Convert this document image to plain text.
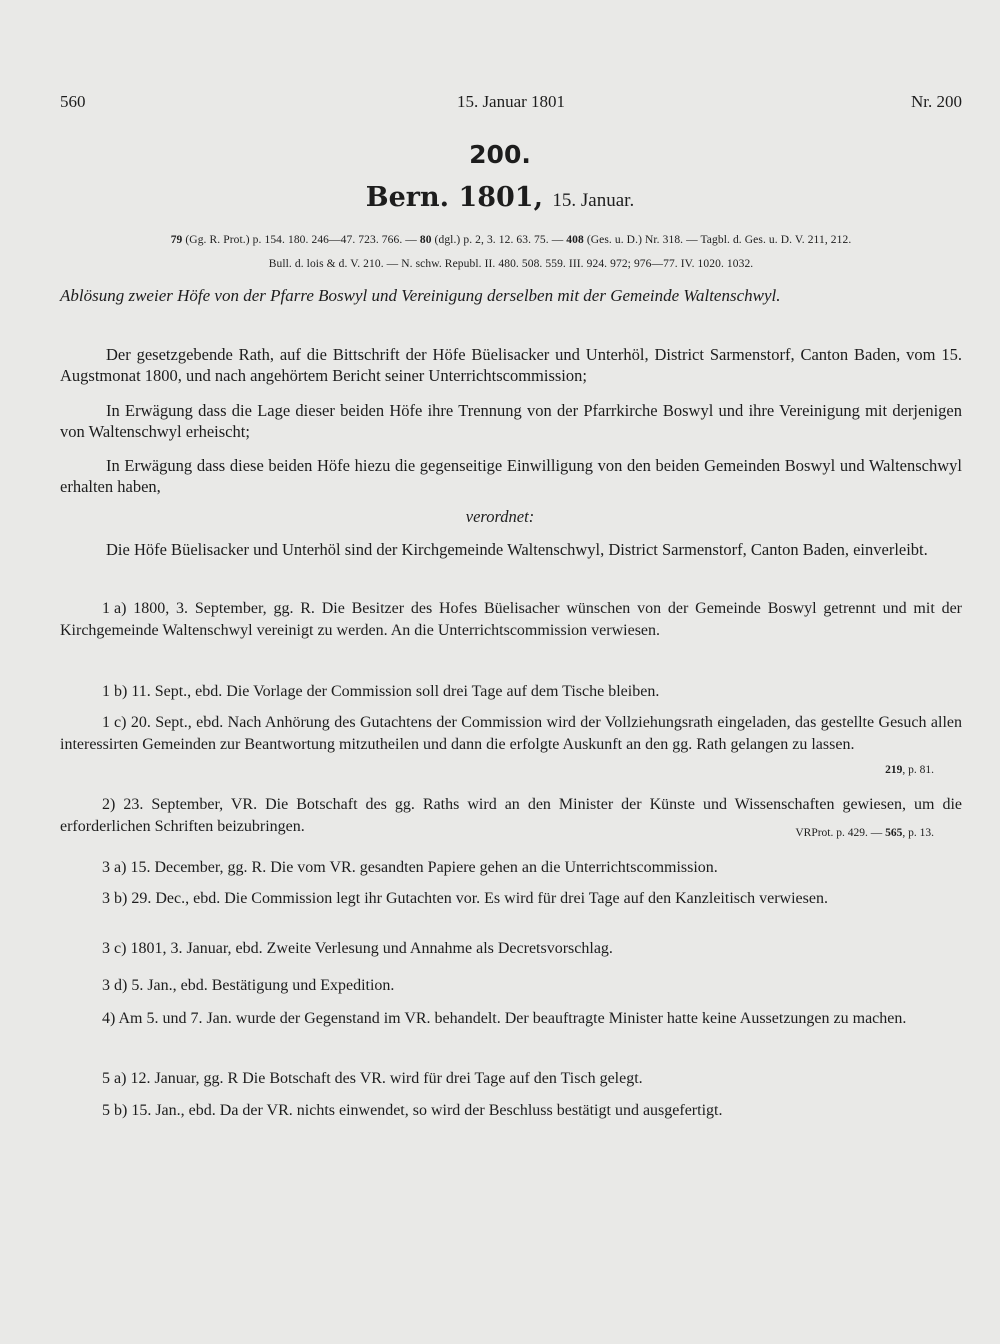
560	15. Januar 1801	Nr. 200
200.
Bern. 1801, 15. Januar.
79 (Gg. R. Prot.) p. 154. 180. 246—47. 723. 766. — 80 (dgl.) p. 2, 3. 12. 63. 75. — 408 (Ges. u. D.) Nr. 318. — Tagbl. d. Ges. u. D. V. 211, 212.
Bull. d. lois & d. V. 210. — N. schw. Republ. II. 480. 508. 559. III. 924. 972; 976—77. IV. 1020. 1032.
Ablösung zweier Höfe von der Pfarre Boswyl und Vereinigung derselben mit der Gemeinde Waltenschwyl.
Der gesetzgebende Rath, auf die Bittschrift der Höfe Büelisacker und Unterhöl, District Sarmenstorf, Canton Baden, vom 15. Augstmonat 1800, und nach angehörtem Bericht seiner Unterrichtscommission;
In Erwägung dass die Lage dieser beiden Höfe ihre Trennung von der Pfarrkirche Boswyl und ihre Vereinigung mit derjenigen von Waltenschwyl erheischt;
In Erwägung dass diese beiden Höfe hiezu die gegenseitige Einwilligung von den beiden Gemeinden Boswyl und Waltenschwyl erhalten haben,
verordnet:
Die Höfe Büelisacker und Unterhöl sind der Kirchgemeinde Waltenschwyl, District Sarmenstorf, Canton Baden, einverleibt.
1 a) 1800, 3. September, gg. R. Die Besitzer des Hofes Büelisacher wünschen von der Gemeinde Boswyl getrennt und mit der Kirchgemeinde Waltenschwyl vereinigt zu werden. An die Unterrichtscommission verwiesen.
1 b) 11. Sept., ebd. Die Vorlage der Commission soll drei Tage auf dem Tische bleiben.
1 c) 20. Sept., ebd. Nach Anhörung des Gutachtens der Commission wird der Vollziehungsrath eingeladen, das gestellte Gesuch allen interessirten Gemeinden zur Beantwortung mitzutheilen und dann die erfolgte Auskunft an den gg. Rath gelangen zu lassen.
219, p. 81.
2) 23. September, VR. Die Botschaft des gg. Raths wird an den Minister der Künste und Wissenschaften gewiesen, um die erforderlichen Schriften beizubringen.	VRProt. p. 429. — 565, p. 13.
3 a) 15. December, gg. R. Die vom VR. gesandten Papiere gehen an die Unterrichtscommission.
3 b) 29. Dec., ebd. Die Commission legt ihr Gutachten vor. Es wird für drei Tage auf den Kanzleitisch verwiesen.
3 c) 1801, 3. Januar, ebd. Zweite Verlesung und Annahme als Decretsvorschlag.
3 d) 5. Jan., ebd. Bestätigung und Expedition.
4) Am 5. und 7. Jan. wurde der Gegenstand im VR. behandelt. Der beauftragte Minister hatte keine Aussetzungen zu machen.
5 a) 12. Januar, gg. R Die Botschaft des VR. wird für drei Tage auf den Tisch gelegt.
5 b) 15. Jan., ebd. Da der VR. nichts einwendet, so wird der Beschluss bestätigt und ausgefertigt.
